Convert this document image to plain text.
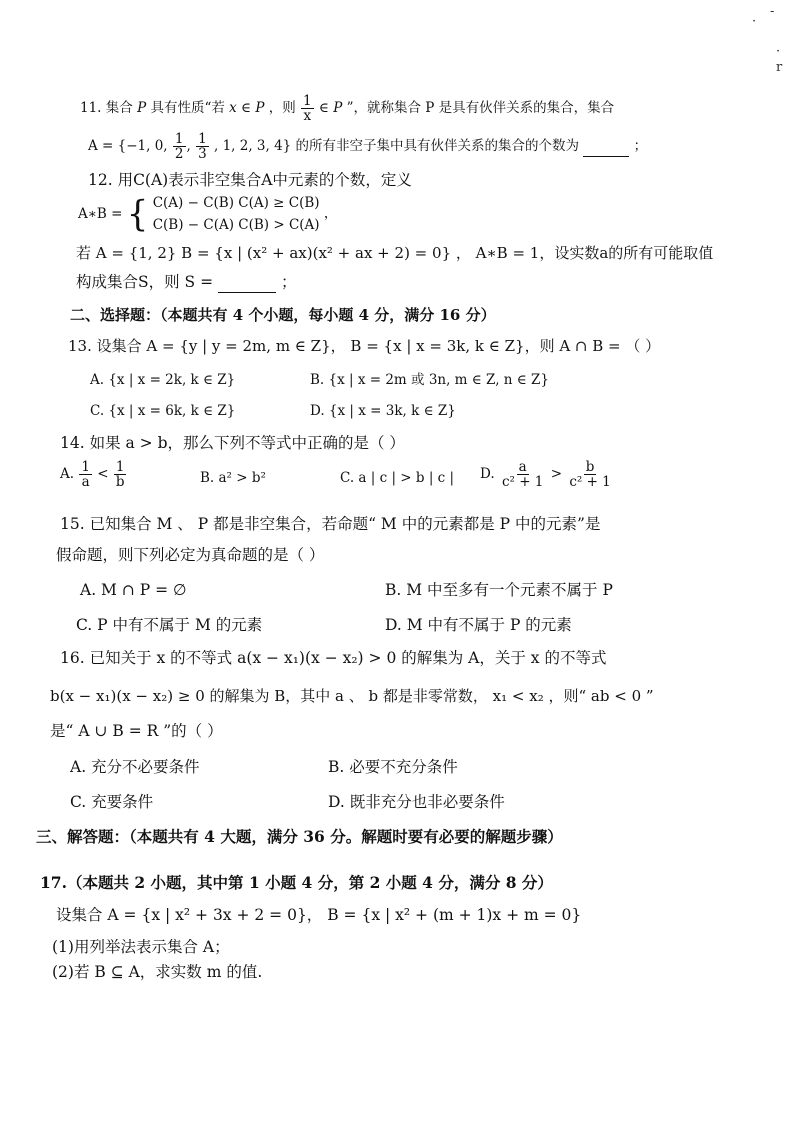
-
·
·
r
11. 集合 P 具有性质“若 x ∈ P ，则 $\frac{1}{x}$ ∈ P ”，就称集合 P 是具有伙伴关系的集合，集合
A = {−1, 0, $\frac{1}{2}$ , $\frac{1}{3}$ , 1, 2, 3, 4} 的所有非空子集中具有伙伴关系的集合的个数为	；
12. 用C(A)表示非空集合A中元素的个数，定义
A∗B = { C(A) − C(B) C(A) ≥ C(B)
C(B) − C(A) C(B) > C(A)
，
若 A = {1, 2} B = {x | (x² + ax)(x² + ax + 2) = 0} ， A∗B = 1，设实数a的所有可能取值
构成集合S，则 S =	；
二、选择题：（本题共有 4 个小题，每小题 4 分，满分 16 分）
13. 设集合 A = {y | y = 2m, m ∈ Z}， B = {x | x = 3k, k ∈ Z}，则 A ∩ B = （ ）
A. {x | x = 2k, k ∈ Z}	B. {x | x = 2m 或 3n, m ∈ Z, n ∈ Z}
C. {x | x = 6k, k ∈ Z}	D. {x | x = 3k, k ∈ Z}
14. 如果 a > b，那么下列不等式中正确的是（ ）
A. $\frac{1}{a} < \frac{1}{b}$	B. a² > b²	C. a | c | > b | c | D. $\frac{a}{\text{c² + 1}} > \frac{b}{\text{c² + 1}}$
15. 已知集合 M 、 P 都是非空集合，若命题“ M 中的元素都是 P 中的元素”是
假命题，则下列必定为真命题的是（ ）
A. M ∩ P = ∅	B. M 中至多有一个元素不属于 P
C. P 中有不属于 M 的元素	D. M 中有不属于 P 的元素
16. 已知关于 x 的不等式 a(x − x₁)(x − x₂) > 0 的解集为 A，关于 x 的不等式
b(x − x₁)(x − x₂) ≥ 0 的解集为 B，其中 a 、 b 都是非零常数， x₁ < x₂ ，则“ ab < 0 ”
是“ A ∪ B = R ”的（ ）
A. 充分不必要条件	B. 必要不充分条件
C. 充要条件	D. 既非充分也非必要条件
三、解答题：（本题共有 4 大题，满分 36 分。解题时要有必要的解题步骤）
17.（本题共 2 小题，其中第 1 小题 4 分，第 2 小题 4 分，满分 8 分）
设集合 A = {x | x² + 3x + 2 = 0}， B = {x | x² + (m + 1)x + m = 0}
(1)用列举法表示集合 A；
(2)若 B ⊆ A，求实数 m 的值.
